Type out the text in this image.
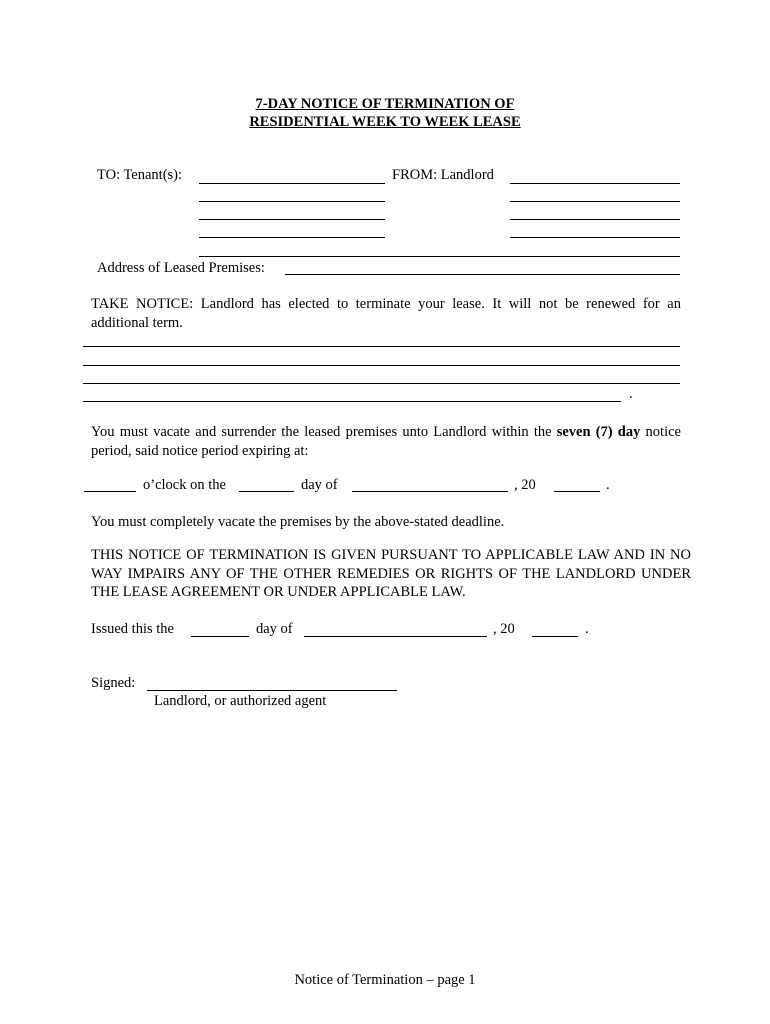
7-DAY NOTICE OF TERMINATION OF
RESIDENTIAL WEEK TO WEEK LEASE
TO: Tenant(s):	FROM: Landlord
Address of Leased Premises:
TAKE NOTICE: Landlord has elected to terminate your lease. It will not be renewed for an additional term.
.
You must vacate and surrender the leased premises unto Landlord within the seven (7) day notice period, said notice period expiring at:
o’clock on the	day of	, 20	.
You must completely vacate the premises by the above-stated deadline.
THIS NOTICE OF TERMINATION IS GIVEN PURSUANT TO APPLICABLE LAW AND IN NO WAY IMPAIRS ANY OF THE OTHER REMEDIES OR RIGHTS OF THE LANDLORD UNDER THE LEASE AGREEMENT OR UNDER APPLICABLE LAW.
Issued this the	day of	, 20	.
Signed:
Landlord, or authorized agent
Notice of Termination – page 1
